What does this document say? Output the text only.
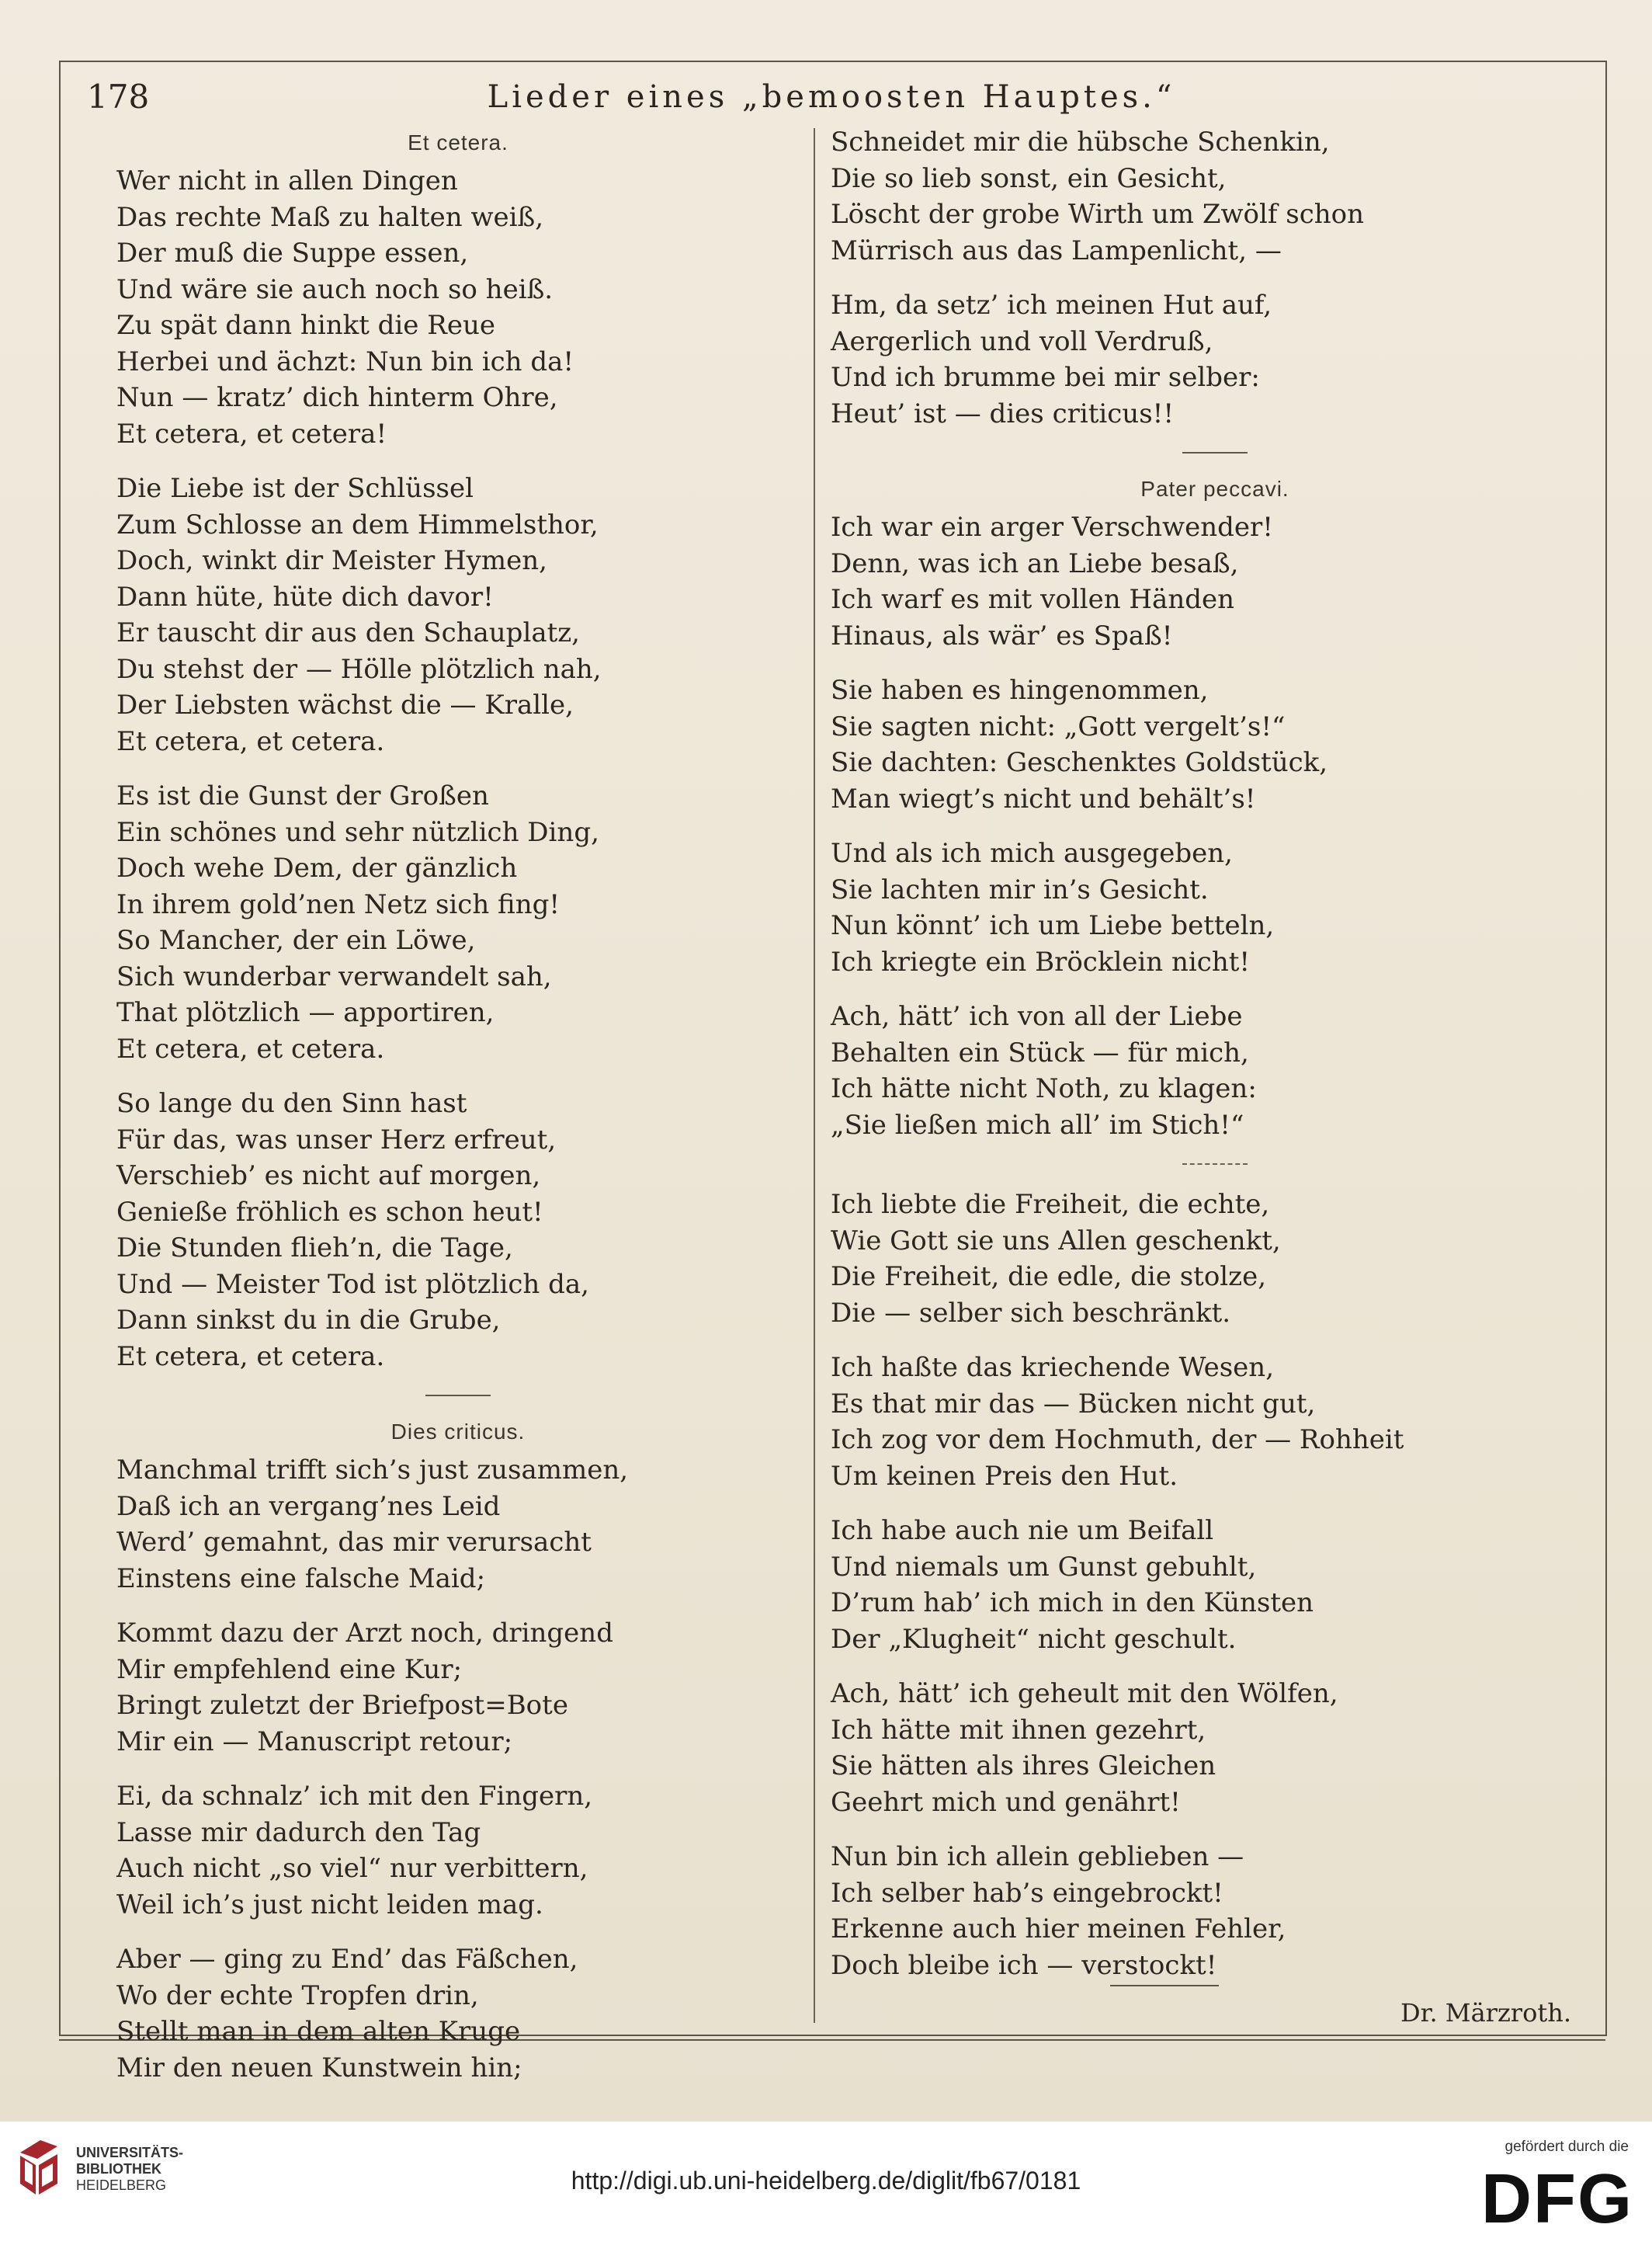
178	Lieder eines „bemoosten Hauptes.“
Et cetera.
Wer nicht in allen Dingen
Das rechte Maß zu halten weiß,
Der muß die Suppe essen,
Und wäre sie auch noch so heiß.
Zu spät dann hinkt die Reue
Herbei und ächzt: Nun bin ich da!
Nun — kratz’ dich hinterm Ohre,
Et cetera, et cetera!
Die Liebe ist der Schlüssel
Zum Schlosse an dem Himmelsthor,
Doch, winkt dir Meister Hymen,
Dann hüte, hüte dich davor!
Er tauscht dir aus den Schauplatz,
Du stehst der — Hölle plötzlich nah,
Der Liebsten wächst die — Kralle,
Et cetera, et cetera.
Es ist die Gunst der Großen
Ein schönes und sehr nützlich Ding,
Doch wehe Dem, der gänzlich
In ihrem gold’nen Netz sich fing!
So Mancher, der ein Löwe,
Sich wunderbar verwandelt sah,
That plötzlich — apportiren,
Et cetera, et cetera.
So lange du den Sinn hast
Für das, was unser Herz erfreut,
Verschieb’ es nicht auf morgen,
Genieße fröhlich es schon heut!
Die Stunden flieh’n, die Tage,
Und — Meister Tod ist plötzlich da,
Dann sinkst du in die Grube,
Et cetera, et cetera.
Dies criticus.
Manchmal trifft sich’s just zusammen,
Daß ich an vergang’nes Leid
Werd’ gemahnt, das mir verursacht
Einstens eine falsche Maid;
Kommt dazu der Arzt noch, dringend
Mir empfehlend eine Kur;
Bringt zuletzt der Briefpost=Bote
Mir ein — Manuscript retour;
Ei, da schnalz’ ich mit den Fingern,
Lasse mir dadurch den Tag
Auch nicht „so viel“ nur verbittern,
Weil ich’s just nicht leiden mag.
Aber — ging zu End’ das Fäßchen,
Wo der echte Tropfen drin,
Stellt man in dem alten Kruge
Mir den neuen Kunstwein hin;
Schneidet mir die hübsche Schenkin,
Die so lieb sonst, ein Gesicht,
Löscht der grobe Wirth um Zwölf schon
Mürrisch aus das Lampenlicht, —
Hm, da setz’ ich meinen Hut auf,
Aergerlich und voll Verdruß,
Und ich brumme bei mir selber:
Heut’ ist — dies criticus!!
Pater peccavi.
Ich war ein arger Verschwender!
Denn, was ich an Liebe besaß,
Ich warf es mit vollen Händen
Hinaus, als wär’ es Spaß!
Sie haben es hingenommen,
Sie sagten nicht: „Gott vergelt’s!“
Sie dachten: Geschenktes Goldstück,
Man wiegt’s nicht und behält’s!
Und als ich mich ausgegeben,
Sie lachten mir in’s Gesicht.
Nun könnt’ ich um Liebe betteln,
Ich kriegte ein Bröcklein nicht!
Ach, hätt’ ich von all der Liebe
Behalten ein Stück — für mich,
Ich hätte nicht Noth, zu klagen:
„Sie ließen mich all’ im Stich!“
Ich liebte die Freiheit, die echte,
Wie Gott sie uns Allen geschenkt,
Die Freiheit, die edle, die stolze,
Die — selber sich beschränkt.
Ich haßte das kriechende Wesen,
Es that mir das — Bücken nicht gut,
Ich zog vor dem Hochmuth, der — Rohheit
Um keinen Preis den Hut.
Ich habe auch nie um Beifall
Und niemals um Gunst gebuhlt,
D’rum hab’ ich mich in den Künsten
Der „Klugheit“ nicht geschult.
Ach, hätt’ ich geheult mit den Wölfen,
Ich hätte mit ihnen gezehrt,
Sie hätten als ihres Gleichen
Geehrt mich und genährt!
Nun bin ich allein geblieben —
Ich selber hab’s eingebrockt!
Erkenne auch hier meinen Fehler,
Doch bleibe ich — verstockt!
Dr. Märzroth.
UNIVERSITÄTS-
BIBLIOTHEK
HEIDELBERG	http://digi.ub.uni-heidelberg.de/diglit/fb67/0181
gefördert durch die
DFG
